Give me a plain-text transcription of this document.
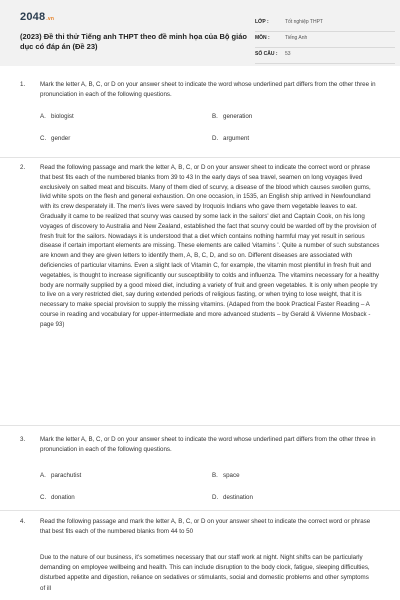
2048.vn
(2023) Đề thi thử Tiếng anh THPT theo đề minh họa của Bộ giáo dục có đáp án (Đề 23)
LỚP :	Tốt nghiệp THPT
MÔN :	Tiếng Anh
SỐ CÂU : 53
1. Mark the letter A, B, C, or D on your answer sheet to indicate the word whose underlined part differs from the other three in pronunciation in each of the following questions.
A. biologist	B. generation
C. gender	D. argument
2. Read the following passage and mark the letter A, B, C, or D on your answer sheet to indicate the correct word or phrase that best fits each of the numbered blanks from 39 to 43 In the early days of sea travel, seamen on long voyages lived exclusively on salted meat and biscuits. Many of them died of scurvy, a disease of the blood which causes swollen gums, livid white spots on the flesh and general exhaustion. On one occasion, in 1535, an English ship arrived in Newfoundland with its crew desperately ill. The men's lives were saved by Iroquois Indians who gave them vegetable leaves to eat. Gradually it came to be realized that scurvy was caused by some lack in the sailors' diet and Captain Cook, on his long voyages of discovery to Australia and New Zealand, established the fact that scurvy could be warded off by the provision of fresh fruit for the sailors. Nowadays it is understood that a diet which contains nothing harmful may yet result in serious disease if certain important elements are missing. These elements are called 'vitamins '. Quite a number of such substances are known and they are given letters to identify them, A, B, C, D, and so on. Different diseases are associated with deficiencies of particular vitamins. Even a slight lack of Vitamin C, for example, the vitamin most plentiful in fresh fruit and vegetables, is thought to increase significantly our susceptibility to colds and influenza. The vitamins necessary for a healthy body are normally supplied by a good mixed diet, including a variety of fruit and green vegetables. It is only when people try to live on a very restricted diet, say during extended periods of religious fasting, or when trying to lose weight, that it is necessary to make special provision to supply the missing vitamins. (Adaped from the book Practical Faster Reading – A course in reading and vocabulary for upper-intermediate and more advanced students – by Gerald & Vivienne Mosback - page 93)
3. Mark the letter A, B, C, or D on your answer sheet to indicate the word whose underlined part differs from the other three in pronunciation in each of the following questions.
A. parachutist	B. space
C. donation	D. destination
4. Read the following passage and mark the letter A, B, C, or D on your answer sheet to indicate the correct word or phrase that best fits each of the numbered blanks from 44 to 50
Due to the nature of our business, it's sometimes necessary that our staff work at night. Night shifts can be particularly demanding on employee wellbeing and health. This can include disruption to the body clock, fatigue, sleeping difficulties, disturbed appetite and digestion, reliance on sedatives or stimulants, social and domestic problems and other symptoms of ill
